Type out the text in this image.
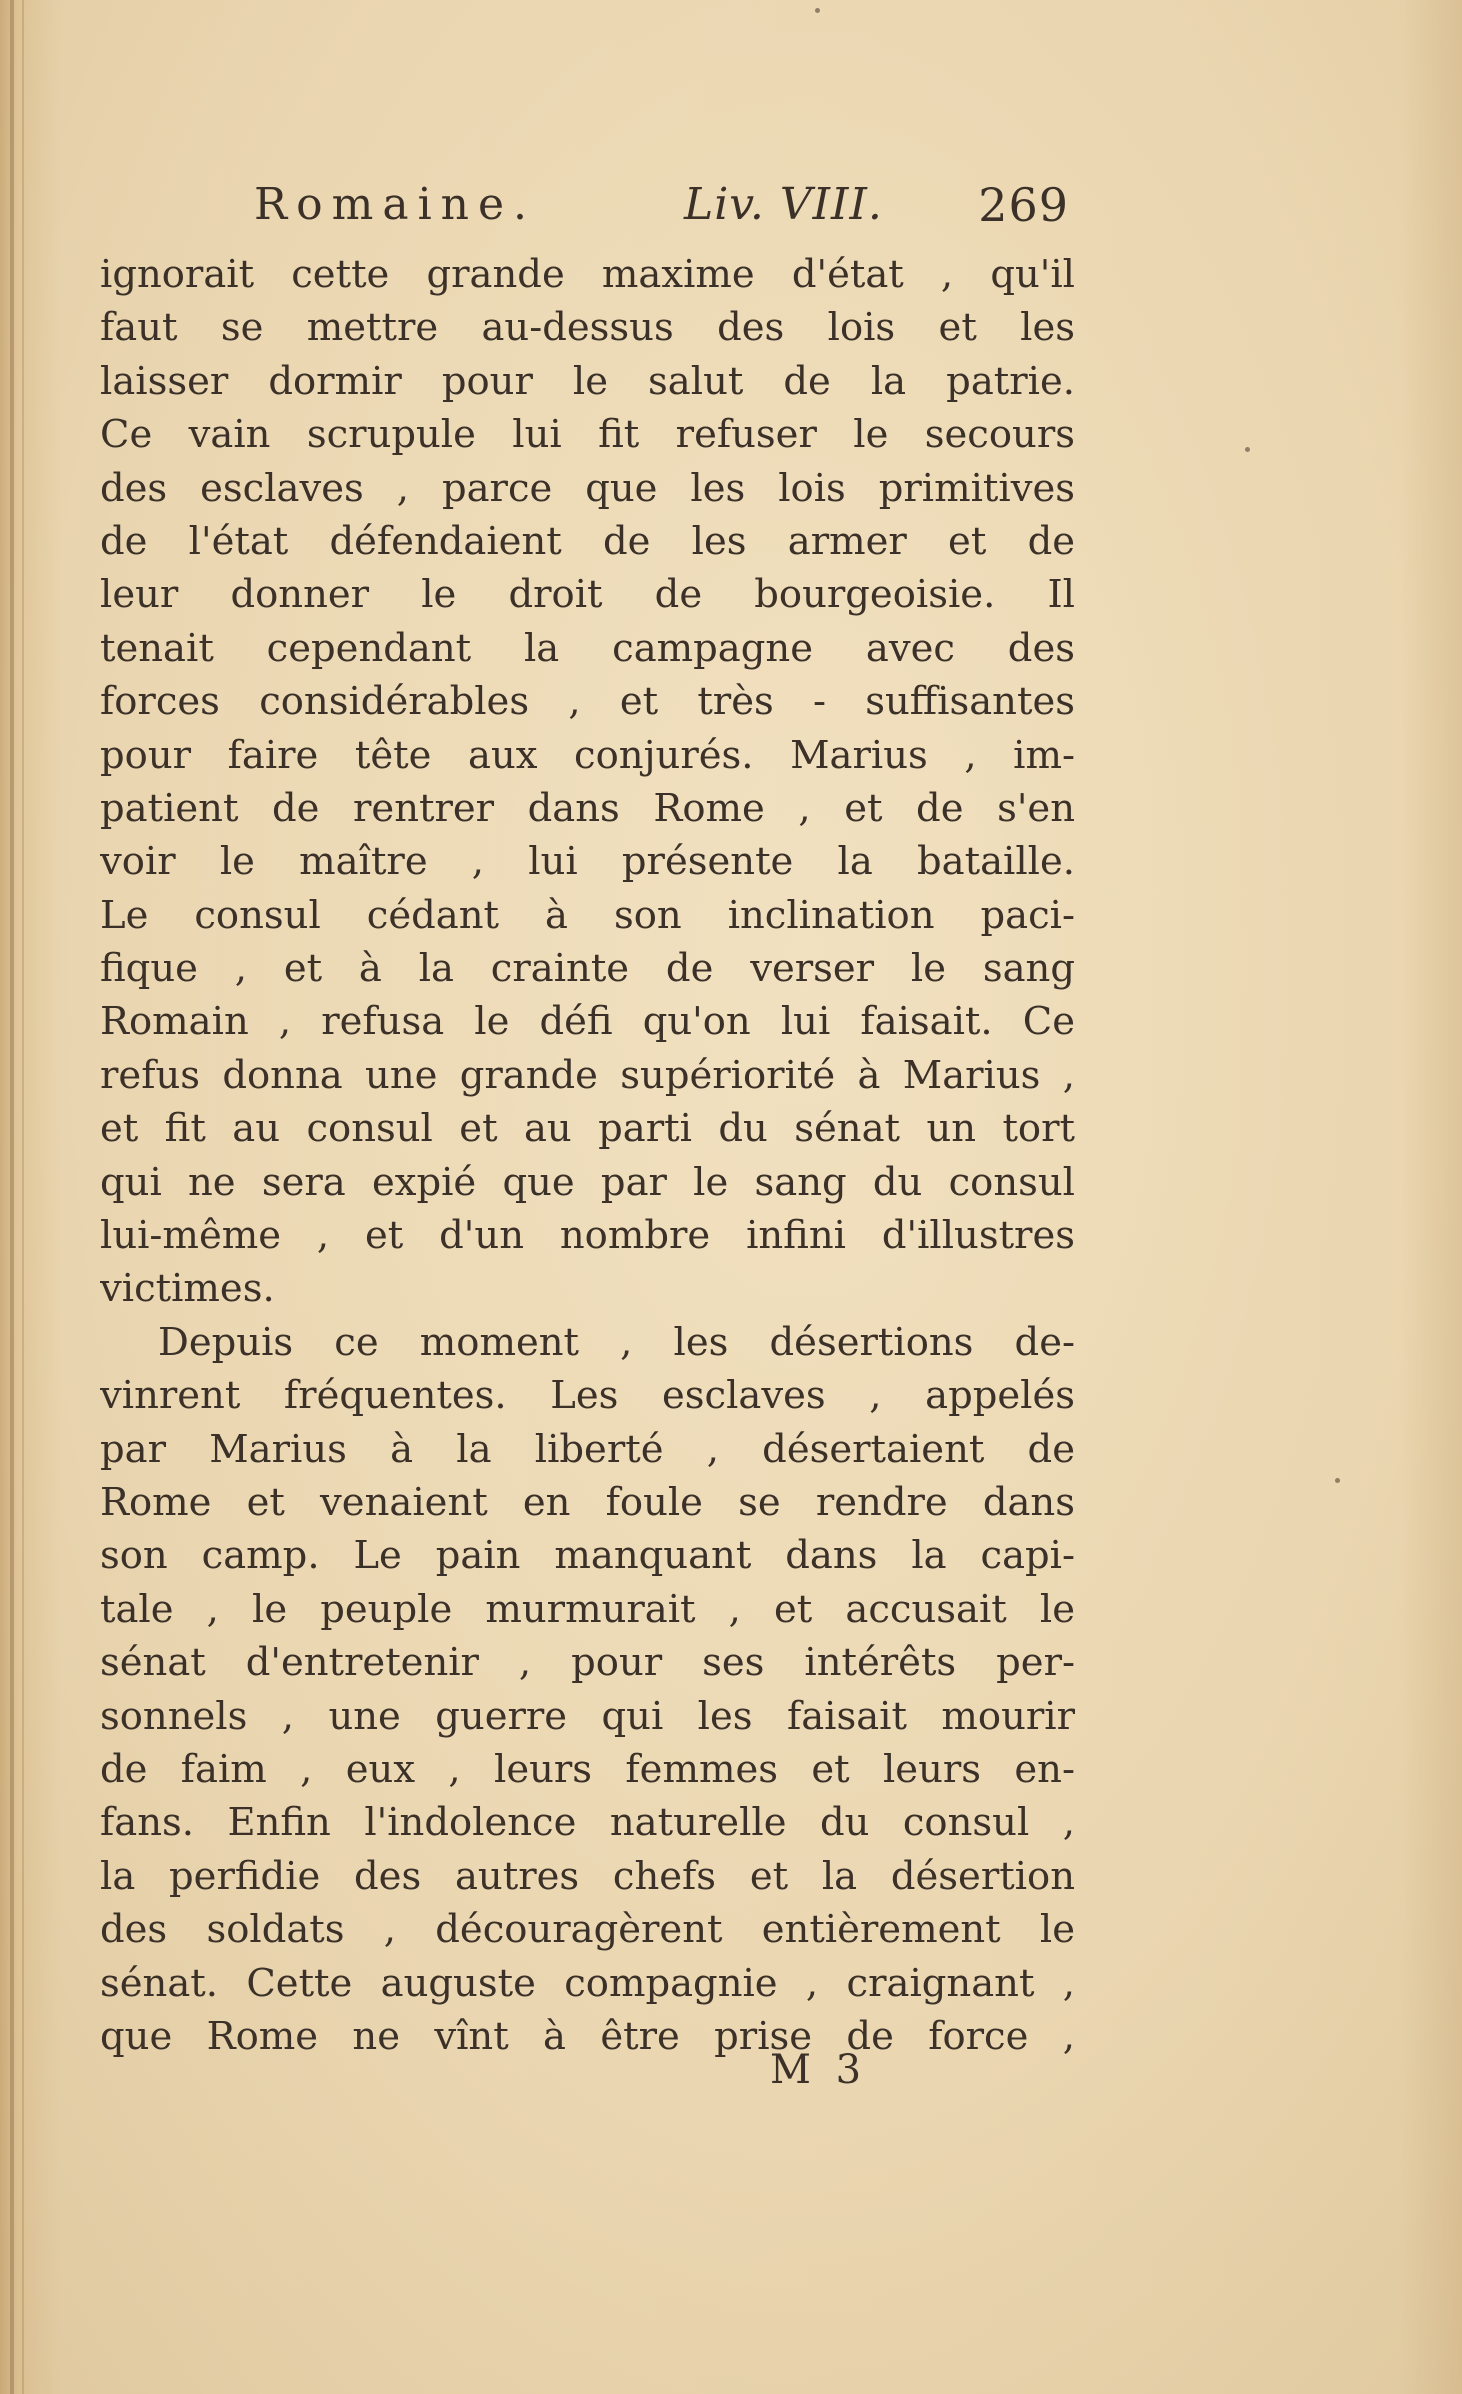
Romaine.	Liv. VIII. 269
ignorait cette grande maxime d'état , qu'il
faut se mettre au-dessus des lois et les
laisser dormir pour le salut de la patrie.
Ce vain scrupule lui fit refuser le secours
des esclaves , parce que les lois primitives
de l'état défendaient de les armer et de
leur donner le droit de bourgeoisie. Il
tenait cependant la campagne avec des
forces considérables , et très - suffisantes
pour faire tête aux conjurés. Marius , im-
patient de rentrer dans Rome , et de s'en
voir le maître , lui présente la bataille.
Le consul cédant à son inclination paci-
fique , et à la crainte de verser le sang
Romain , refusa le défi qu'on lui faisait. Ce
refus donna une grande supériorité à Marius ,
et fit au consul et au parti du sénat un tort
qui ne sera expié que par le sang du consul
lui-même , et d'un nombre infini d'illustres
victimes.
Depuis ce moment , les désertions de-
vinrent fréquentes. Les esclaves , appelés
par Marius à la liberté , désertaient de
Rome et venaient en foule se rendre dans
son camp. Le pain manquant dans la capi-
tale , le peuple murmurait , et accusait le
sénat d'entretenir , pour ses intérêts per-
sonnels , une guerre qui les faisait mourir
de faim , eux , leurs femmes et leurs en-
fans. Enfin l'indolence naturelle du consul ,
la perfidie des autres chefs et la désertion
des soldats , découragèrent entièrement le
sénat. Cette auguste compagnie , craignant ,
que Rome ne vînt à être prise de force ,
M 3
